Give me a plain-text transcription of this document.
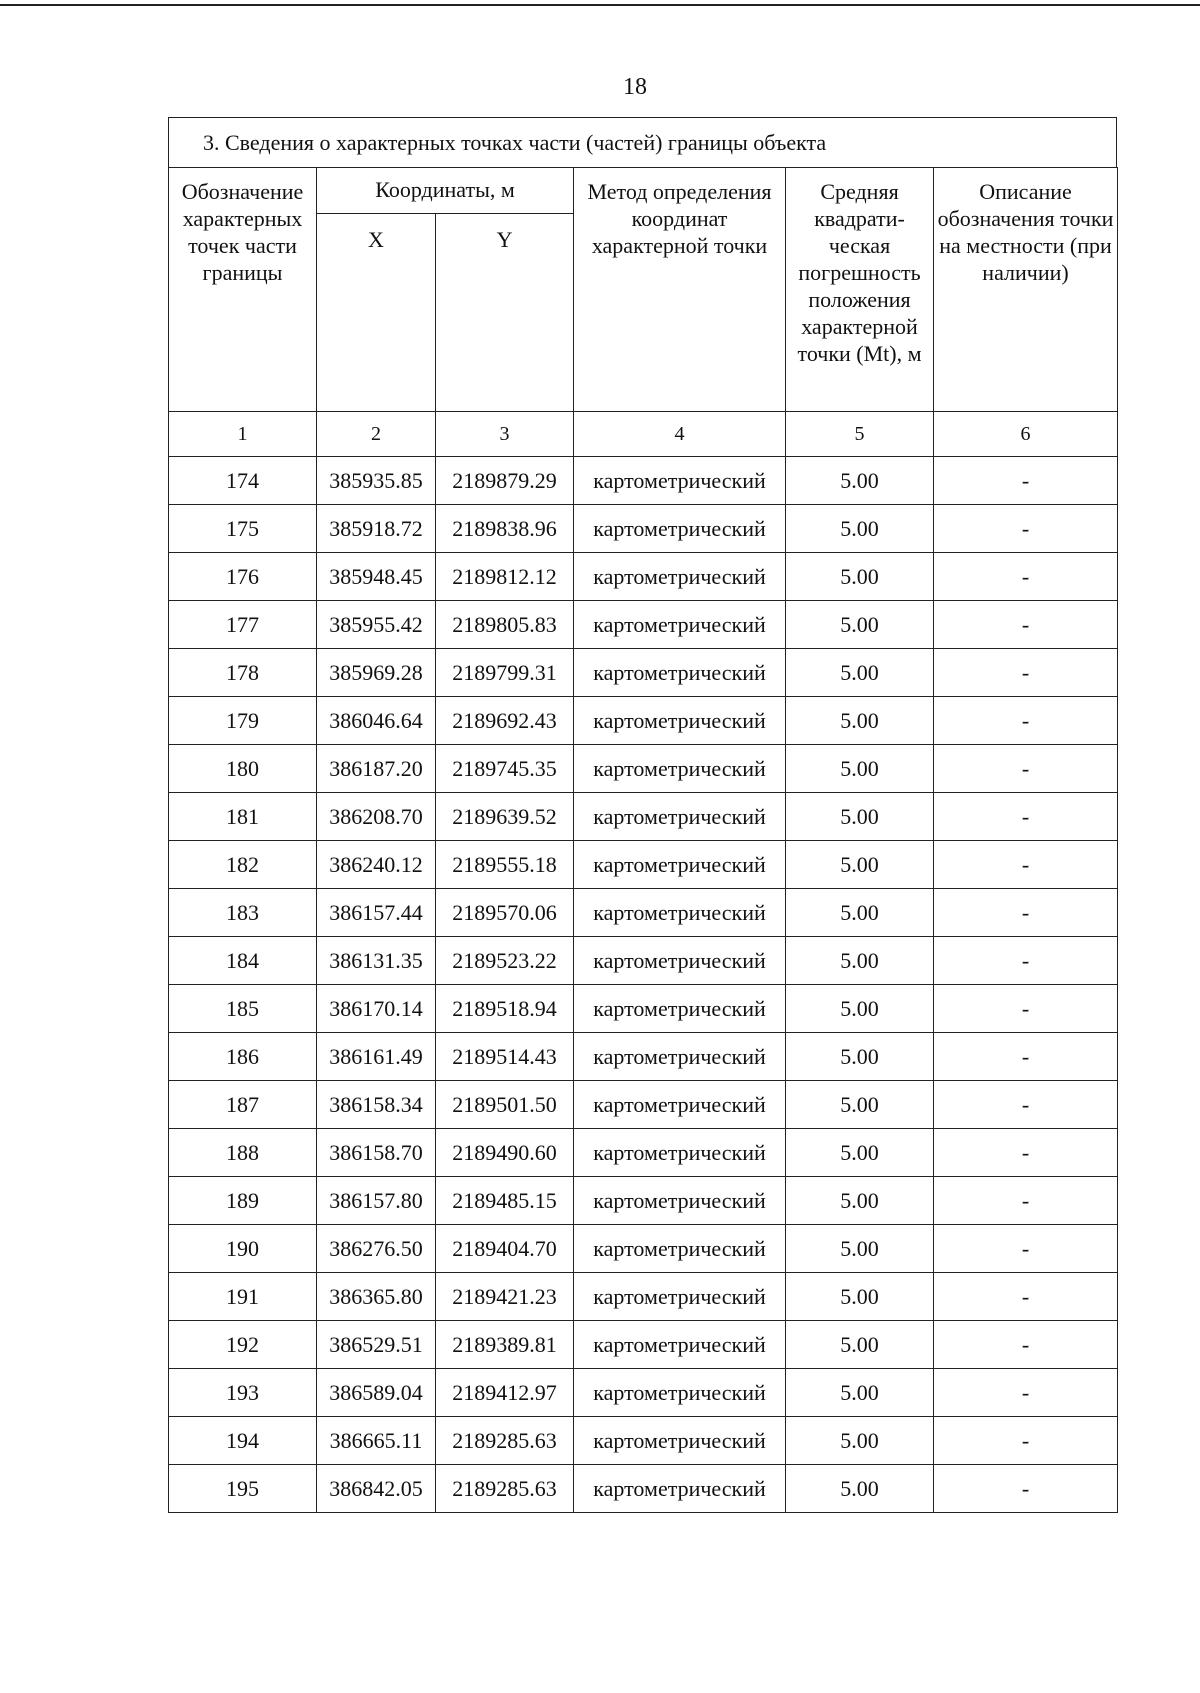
18
3. Сведения о характерных точках части (частей) границы объекта
Обозначение характерных точек части границы	Координаты, м		Метод определения координат характерной точки	Средняя квадрати- ческая погрешность положения характерной точки (Mt), м	Описание обозначения точки на местности (при наличии)
	X	Y			
1	2	3	4	5	6
174	385935.85	2189879.29	картометрический	5.00	-
175	385918.72	2189838.96	картометрический	5.00	-
176	385948.45	2189812.12	картометрический	5.00	-
177	385955.42	2189805.83	картометрический	5.00	-
178	385969.28	2189799.31	картометрический	5.00	-
179	386046.64	2189692.43	картометрический	5.00	-
180	386187.20	2189745.35	картометрический	5.00	-
181	386208.70	2189639.52	картометрический	5.00	-
182	386240.12	2189555.18	картометрический	5.00	-
183	386157.44	2189570.06	картометрический	5.00	-
184	386131.35	2189523.22	картометрический	5.00	-
185	386170.14	2189518.94	картометрический	5.00	-
186	386161.49	2189514.43	картометрический	5.00	-
187	386158.34	2189501.50	картометрический	5.00	-
188	386158.70	2189490.60	картометрический	5.00	-
189	386157.80	2189485.15	картометрический	5.00	-
190	386276.50	2189404.70	картометрический	5.00	-
191	386365.80	2189421.23	картометрический	5.00	-
192	386529.51	2189389.81	картометрический	5.00	-
193	386589.04	2189412.97	картометрический	5.00	-
194	386665.11	2189285.63	картометрический	5.00	-
195	386842.05	2189285.63	картометрический	5.00	-
